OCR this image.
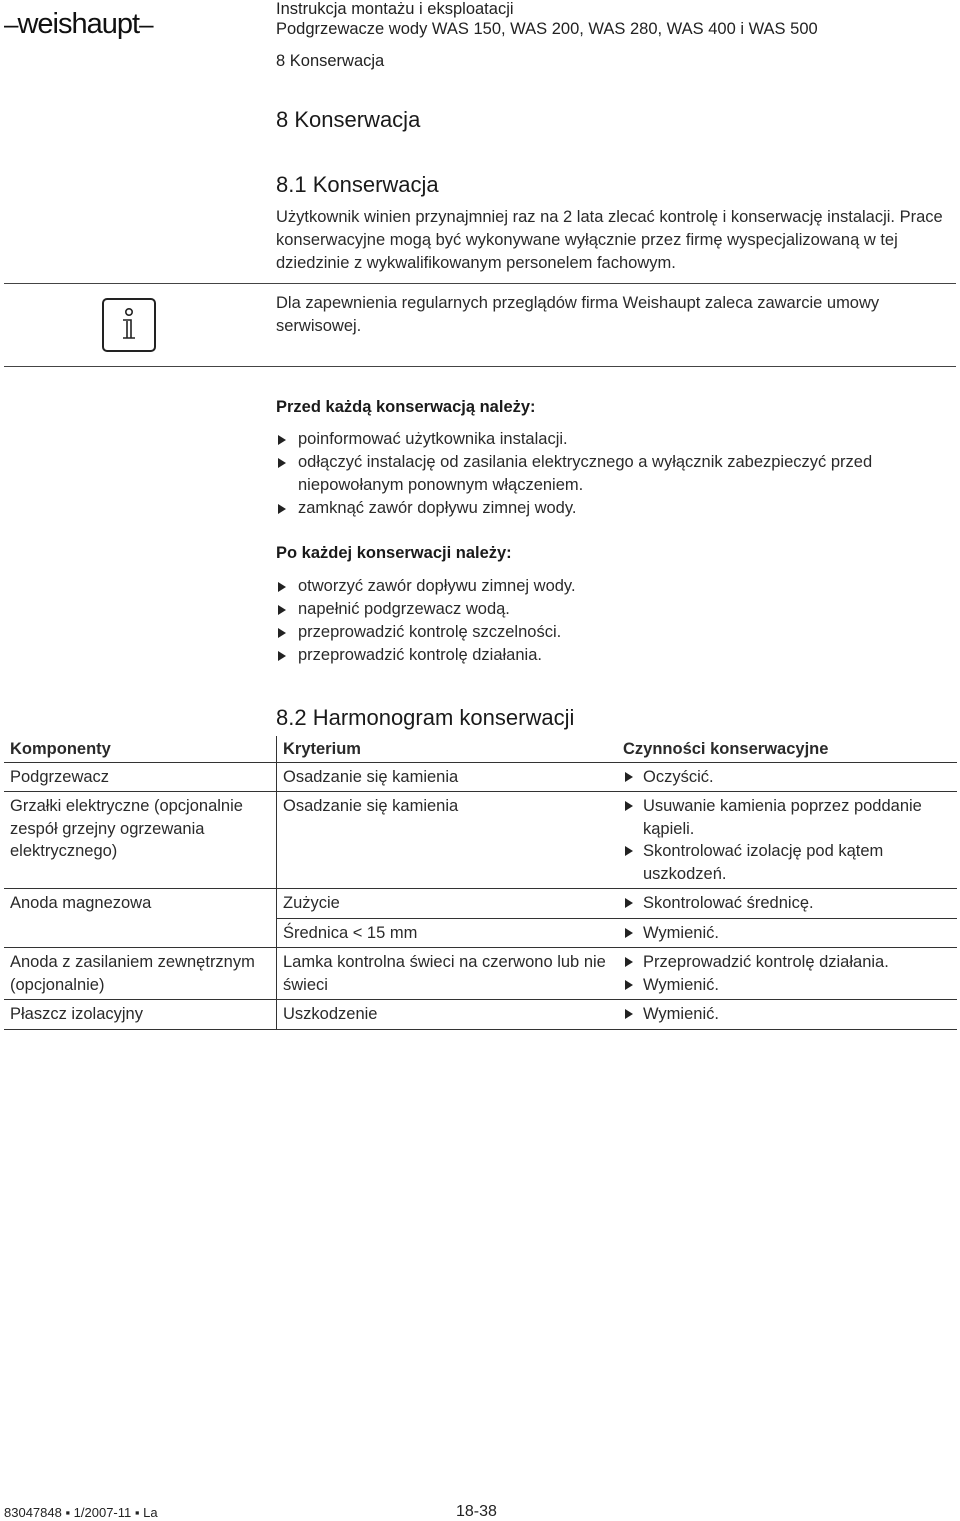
–weishaupt–	Instrukcja montażu i eksploatacji
Podgrzewacze wody WAS 150, WAS 200, WAS 280, WAS 400 i WAS 500
8 Konserwacja
8 Konserwacja
8.1 Konserwacja
Użytkownik winien przynajmniej raz na 2 lata zlecać kontrolę i konserwację instalacji. Prace konserwacyjne mogą być wykonywane wyłącznie przez firmę wyspecjalizowaną w tej dziedzinie z wykwalifikowanym personelem fachowym.
Dla zapewnienia regularnych przeglądów firma Weishaupt zaleca zawarcie umowy serwisowej.
Przed każdą konserwacją należy:
poinformować użytkownika instalacji.
odłączyć instalację od zasilania elektrycznego a wyłącznik zabezpieczyć przed niepowołanym ponownym włączeniem.
zamknąć zawór dopływu zimnej wody.
Po każdej konserwacji należy:
otworzyć zawór dopływu zimnej wody.
napełnić podgrzewacz wodą.
przeprowadzić kontrolę szczelności.
przeprowadzić kontrolę działania.
8.2 Harmonogram konserwacji
Komponenty	Kryterium	Czynności konserwacyjne
Podgrzewacz	Osadzanie się kamienia	Oczyścić.

Grzałki elektryczne (opcjonalnie zespół grzejny ogrzewania elektrycznego)	Osadzanie się kamienia	Usuwanie kamienia poprzez poddanie kąpieli.
Skontrolować izolację pod kątem uszkodzeń.

Anoda magnezowa	Zużycie	Skontrolować średnicę.

	Średnica < 15 mm	Wymienić.

Anoda z zasilaniem zewnętrznym (opcjonalnie)	Lamka kontrolna świeci na czerwono lub nie świeci	Przeprowadzić kontrolę działania.
Wymienić.

Płaszcz izolacyjny	Uszkodzenie	Wymienić.
83047848 ▪ 1/2007-11 ▪ La	18-38
